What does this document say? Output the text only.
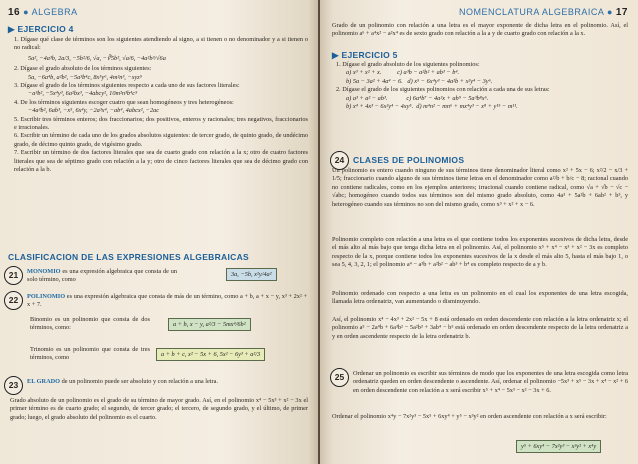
16 ● ALGEBRA
▶ EJERCICIO 4
1. Dígase qué clase de términos son los siguientes atendiendo al signo, a si tienen o no denominador y a si tienen o no radical:
5a², −4a³b, 2a/3, −5b²/6, √a, −∛5b², √a/6, −4a²b³/√6a
2. Dígase el grado absoluto de los términos siguientes:
5a, −6a⁴b, a²b², −5a³b⁴c, 8x⁵y⁶, 4m²n³, −xyz⁵
3. Dígase el grado de los términos siguientes respecto a cada uno de sus factores literales:
−a³b², −5x⁴y³, 6a²bx³, −4abcy², 10m²n³b⁴c⁵
4. De los términos siguientes escoger cuatro que sean homogéneos y tres heterogéneos:
−4a³b², 6ab³, −x⁵, 6x⁴y, −2a³x⁴, −ab⁴, 4abcx², −2ac
5. Escribir tres términos enteros; dos fraccionarios; dos positivos, enteros y racionales; tres negativos, fraccionarios e irracionales.
6. Escribir un término de cada uno de los grados absolutos siguientes: de tercer grado, de quinto grado, de undécimo grado, de décimo quinto grado, de vigésimo grado.
7. Escribir un término de dos factores literales que sea de cuarto grado con relación a la x; otro de cuatro factores literales que sea de séptimo grado con relación a la y; otro de cinco factores literales que sea de décimo grado con relación a la b.
CLASIFICACION DE LAS EXPRESIONES ALGEBRAICAS
21	MONOMIO es una expresión algebraica que consta de un solo término, como
3a, −5b, x²y/4a²
22	POLINOMIO es una expresión algebraica que consta de más de un término, como a + b, a + x − y, x³ + 2x² + x + 7.
Binomio es un polinomio que consta de dos términos, como:	a + b, x − y, a²/3 − 5mx⁴/6b²
Trinomio es un polinomio que consta de tres términos, como	a + b + c, x² − 5x + 6, 5x² − 6y³ + a²/3
23	EL GRADO de un polinomio puede ser absoluto y con relación a una letra.
Grado absoluto de un polinomio es el grado de su término de mayor grado. Así, en el polinomio x⁴ − 5x³ + x² − 3x el primer término es de cuarto grado; el segundo, de tercer grado; el tercero, de segundo grado, y el último, de primer grado; luego, el grado absoluto del polinomio es el cuarto.
NOMENCLATURA ALGEBRAICA ● 17
Grado de un polinomio con relación a una letra es el mayor exponente de dicha letra en el polinomio. Así, el polinomio a⁶ + a⁴x² − a²x⁴ es de sexto grado con relación a la a y de cuarto grado con relación a la x.
▶ EJERCICIO 5
1. Dígase el grado absoluto de los siguientes polinomios:
a) x³ + x² + x.          c) a³b − a²b² + ab³ − b⁴.
b) 5a − 3a² + 4a⁴ − 6.   d) x⁵ − 6x⁴y³ − 4a²b + x²y⁴ − 3y⁶.
2. Dígase el grado de los siguientes polinomios con relación a cada una de sus letras:
a) a³ + a² − ab³.            c) 6a⁴b⁷ − 4a²x + ab⁹ − 5a³b⁸x⁶.
b) x⁴ + 4x³ − 6x²y⁴ − 4xy⁵.  d) m⁴n² − mn⁶ + mx⁴y³ − x⁸ + y¹⁵ − m¹¹.
24	CLASES DE POLINOMIOS
Un polinomio es entero cuando ninguno de sus términos tiene denominador literal como x² + 5x − 6; x²/2 − x/3 + 1/5; fraccionario cuando alguno de sus términos tiene letras en el denominador como a²/b + b/c − 8; racional cuando no contiene radicales, como en los ejemplos anteriores; irracional cuando contiene radical, como √a + √b − √c − √abc; homogéneo cuando todos sus términos son del mismo grado absoluto, como 4a³ + 5a²b + 6ab² + b³, y heterogéneo cuando sus términos no son del mismo grado, como x³ + x² + x − 6.
Polinomio completo con relación a una letra es el que contiene todos los exponentes sucesivos de dicha letra, desde el más alto al más bajo que tenga dicha letra en el polinomio. Así, el polinomio x⁵ + x⁴ − x³ + x² − 3x es completo respecto de la x, porque contiene todos los exponentes sucesivos de la x desde el más alto 5, hasta el más bajo 1, o sea 5, 4, 3, 2, 1; el polinomio a⁴ − a³b + a²b² − ab³ + b⁴ es completo respecto de a y b.
Polinomio ordenado con respecto a una letra es un polinomio en el cual los exponentes de una letra escogida, llamada letra ordenatriz, van aumentando o disminuyendo.
Así, el polinomio x⁴ − 4x³ + 2x² − 5x + 8 está ordenado en orden descendente con relación a la letra ordenatriz x; el polinomio a⁵ − 2a⁴b + 6a³b² − 5a²b³ + 3ab⁴ − b⁵ está ordenado en orden descendente respecto de la letra ordenatriz a y en orden ascendente respecto de la letra ordenatriz b.
25	Ordenar un polinomio es escribir sus términos de modo que los exponentes de una letra escogida como letra ordenatriz queden en orden descendente o ascendente. Así, ordenar el polinomio −5x³ + x⁵ − 3x + x⁴ − x² + 6 en orden descendente con relación a x será escribir x⁵ + x⁴ − 5x³ − x² − 3x + 6.
Ordenar el polinomio x⁴y − 7x²y³ − 5x⁵ + 6xy⁴ + y⁵ − x³y² en orden ascendente con relación a x será escribir:
y⁵ + 6xy⁴ − 7x²y³ − x³y² + x⁴y
